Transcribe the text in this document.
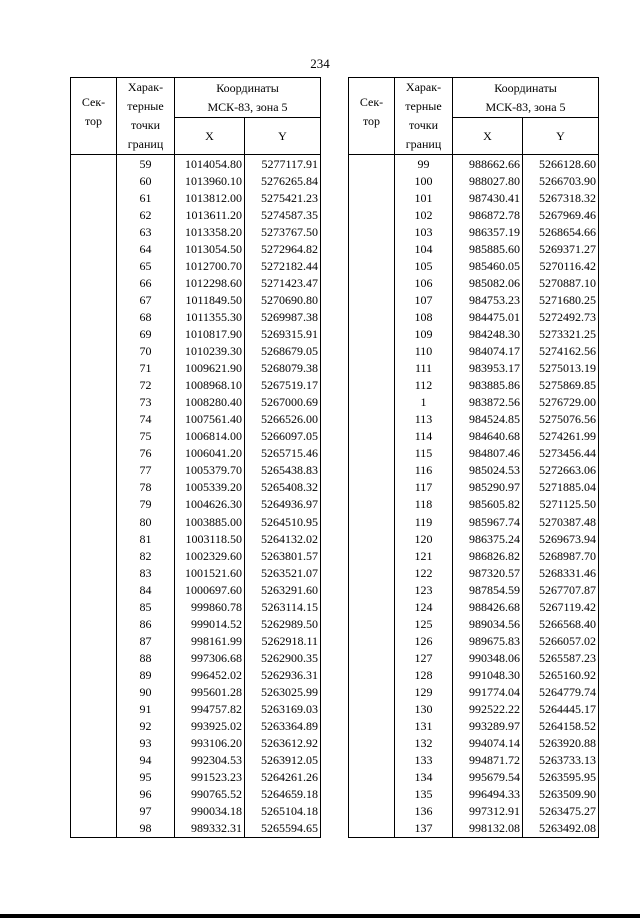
234
Сек-
тор	Харак-
терные
точки
границ	Координаты
МСК-83, зона 5	

		X	Y
	59	1014054.80	5277117.91
	60	1013960.10	5276265.84
	61	1013812.00	5275421.23
	62	1013611.20	5274587.35
	63	1013358.20	5273767.50
	64	1013054.50	5272964.82
	65	1012700.70	5272182.44
	66	1012298.60	5271423.47
	67	1011849.50	5270690.80
	68	1011355.30	5269987.38
	69	1010817.90	5269315.91
	70	1010239.30	5268679.05
	71	1009621.90	5268079.38
	72	1008968.10	5267519.17
	73	1008280.40	5267000.69
	74	1007561.40	5266526.00
	75	1006814.00	5266097.05
	76	1006041.20	5265715.46
	77	1005379.70	5265438.83
	78	1005339.20	5265408.32
	79	1004626.30	5264936.97
	80	1003885.00	5264510.95
	81	1003118.50	5264132.02
	82	1002329.60	5263801.57
	83	1001521.60	5263521.07
	84	1000697.60	5263291.60
	85	999860.78	5263114.15
	86	999014.52	5262989.50
	87	998161.99	5262918.11
	88	997306.68	5262900.35
	89	996452.02	5262936.31
	90	995601.28	5263025.99
	91	994757.82	5263169.03
	92	993925.02	5263364.89
	93	993106.20	5263612.92
	94	992304.53	5263912.05
	95	991523.23	5264261.26
	96	990765.52	5264659.18
	97	990034.18	5265104.18
	98	989332.31	5265594.65
Сек-
тор	Харак-
терные
точки
границ	Координаты
МСК-83, зона 5	

		X	Y
	99	988662.66	5266128.60
	100	988027.80	5266703.90
	101	987430.41	5267318.32
	102	986872.78	5267969.46
	103	986357.19	5268654.66
	104	985885.60	5269371.27
	105	985460.05	5270116.42
	106	985082.06	5270887.10
	107	984753.23	5271680.25
	108	984475.01	5272492.73
	109	984248.30	5273321.25
	110	984074.17	5274162.56
	111	983953.17	5275013.19
	112	983885.86	5275869.85
	1	983872.56	5276729.00
	113	984524.85	5275076.56
	114	984640.68	5274261.99
	115	984807.46	5273456.44
	116	985024.53	5272663.06
	117	985290.97	5271885.04
	118	985605.82	5271125.50
	119	985967.74	5270387.48
	120	986375.24	5269673.94
	121	986826.82	5268987.70
	122	987320.57	5268331.46
	123	987854.59	5267707.87
	124	988426.68	5267119.42
	125	989034.56	5266568.40
	126	989675.83	5266057.02
	127	990348.06	5265587.23
	128	991048.30	5265160.92
	129	991774.04	5264779.74
	130	992522.22	5264445.17
	131	993289.97	5264158.52
	132	994074.14	5263920.88
	133	994871.72	5263733.13
	134	995679.54	5263595.95
	135	996494.33	5263509.90
	136	997312.91	5263475.27
	137	998132.08	5263492.08
